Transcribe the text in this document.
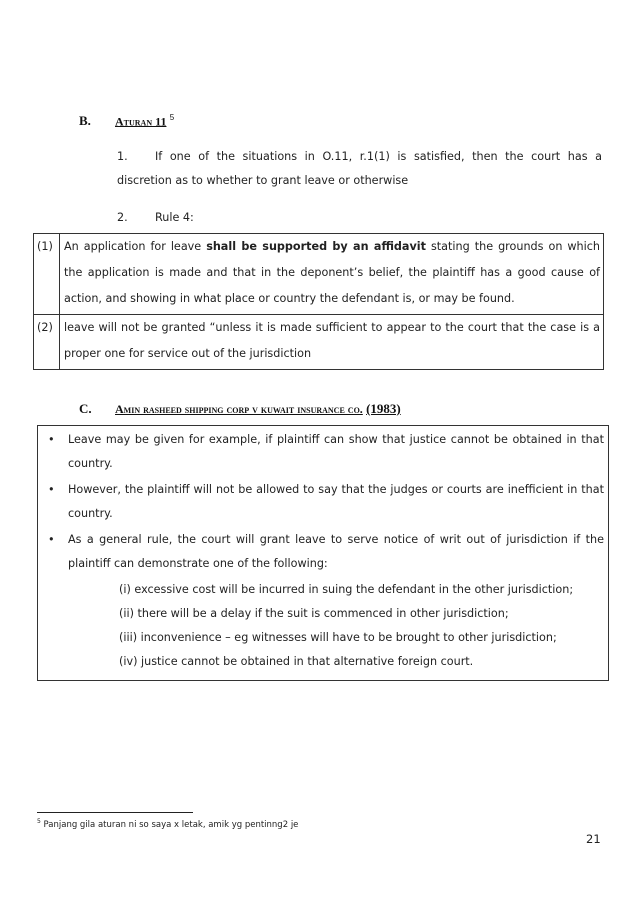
B. Aturan 11 $^5$
1. If one of the situations in O.11, r.1(1) is satisfied, then the court has a discretion as to whether to grant leave or otherwise
2. Rule 4:
(1)	An application for leave shall be supported by an affidavit stating the grounds on which the application is made and that in the deponent’s belief, the plaintiff has a good cause of action, and showing in what place or country the defendant is, or may be found.
(2)	leave will not be granted “unless it is made sufficient to appear to the court that the case is a proper one for service out of the jurisdiction
C. Amin rasheed shipping corp v kuwait insurance co. (1983)
• Leave may be given for example, if plaintiff can show that justice cannot be obtained in that country.
• However, the plaintiff will not be allowed to say that the judges or courts are inefficient in that country.
• As a general rule, the court will grant leave to serve notice of writ out of jurisdiction if the plaintiff can demonstrate one of the following:
(i) excessive cost will be incurred in suing the defendant in the other jurisdiction;
(ii) there will be a delay if the suit is commenced in other jurisdiction;
(iii) inconvenience – eg witnesses will have to be brought to other jurisdiction;
(iv) justice cannot be obtained in that alternative foreign court.
$^5$ Panjang gila aturan ni so saya x letak, amik yg pentinng2 je
21
